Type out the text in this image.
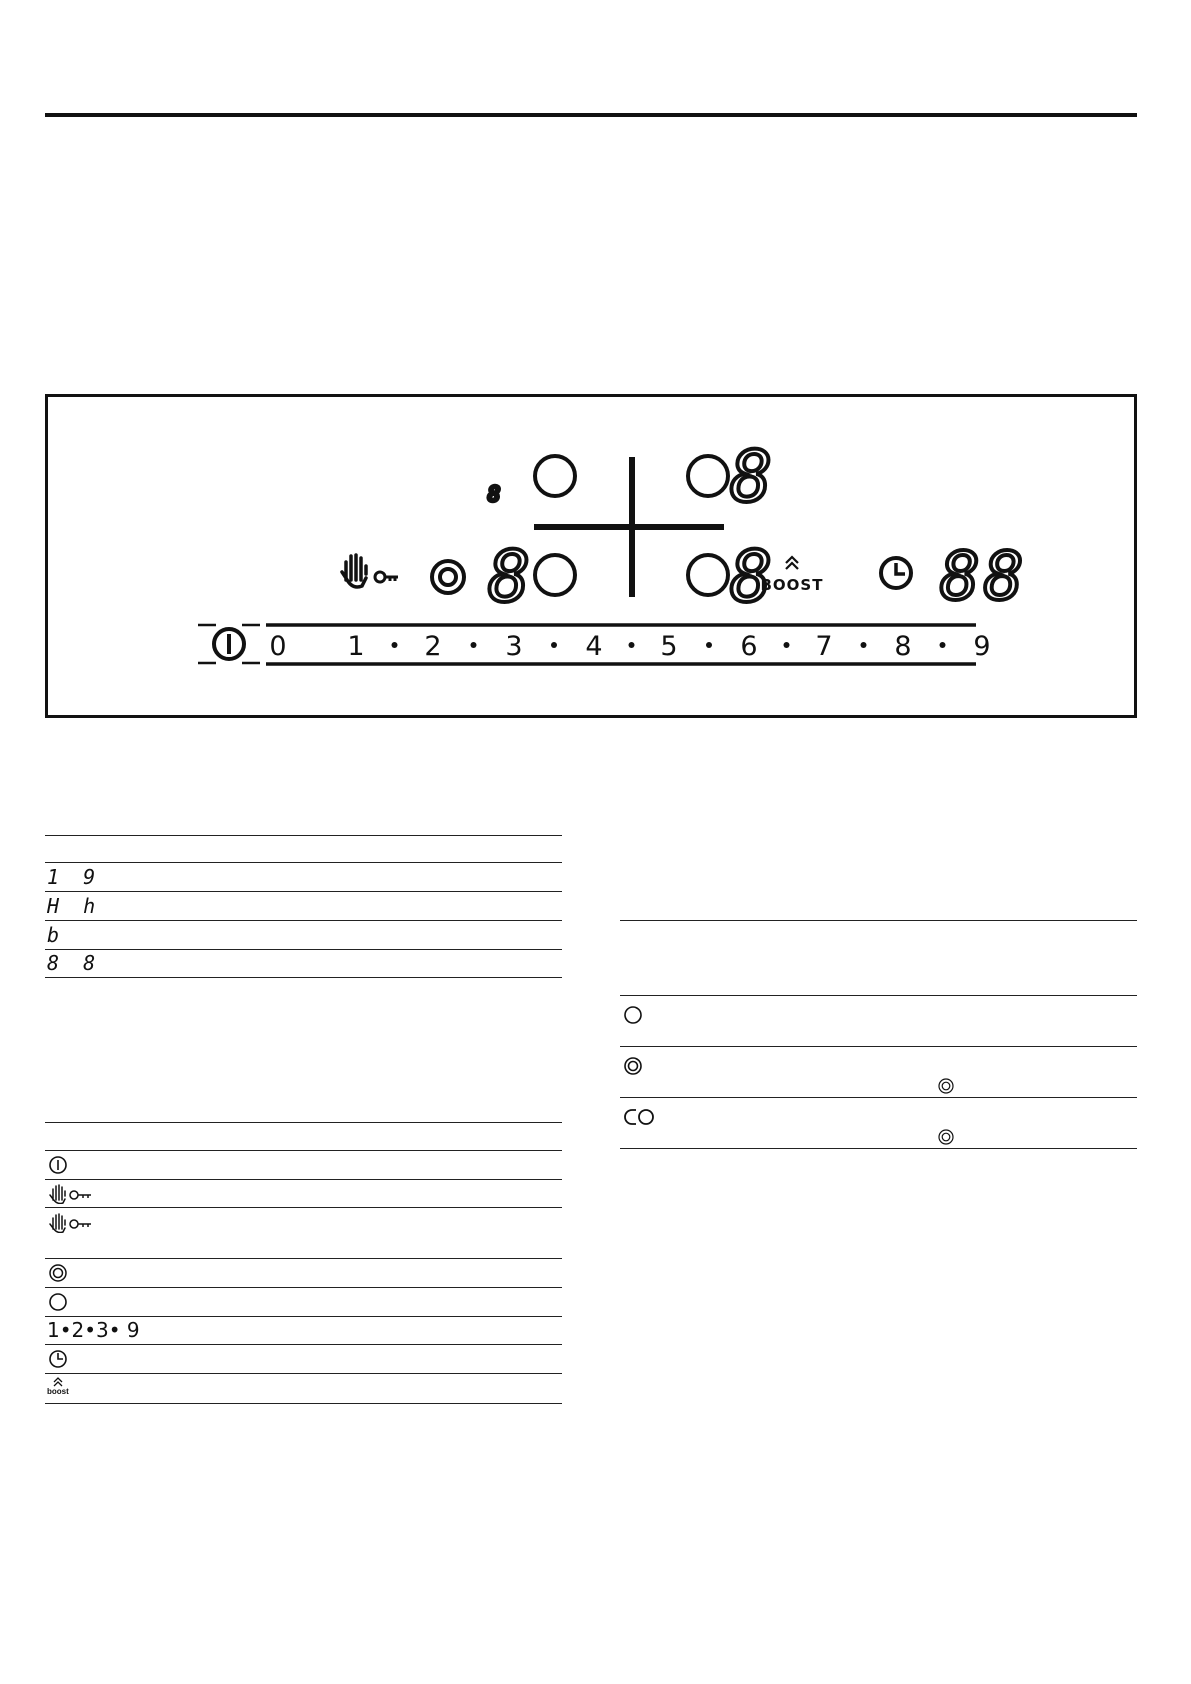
8	8
8	8
BOOST 88
0 1 2 3 4 5 6 7 8 9
1 9
H h
b
8 8
1•2•3• 9
boost
